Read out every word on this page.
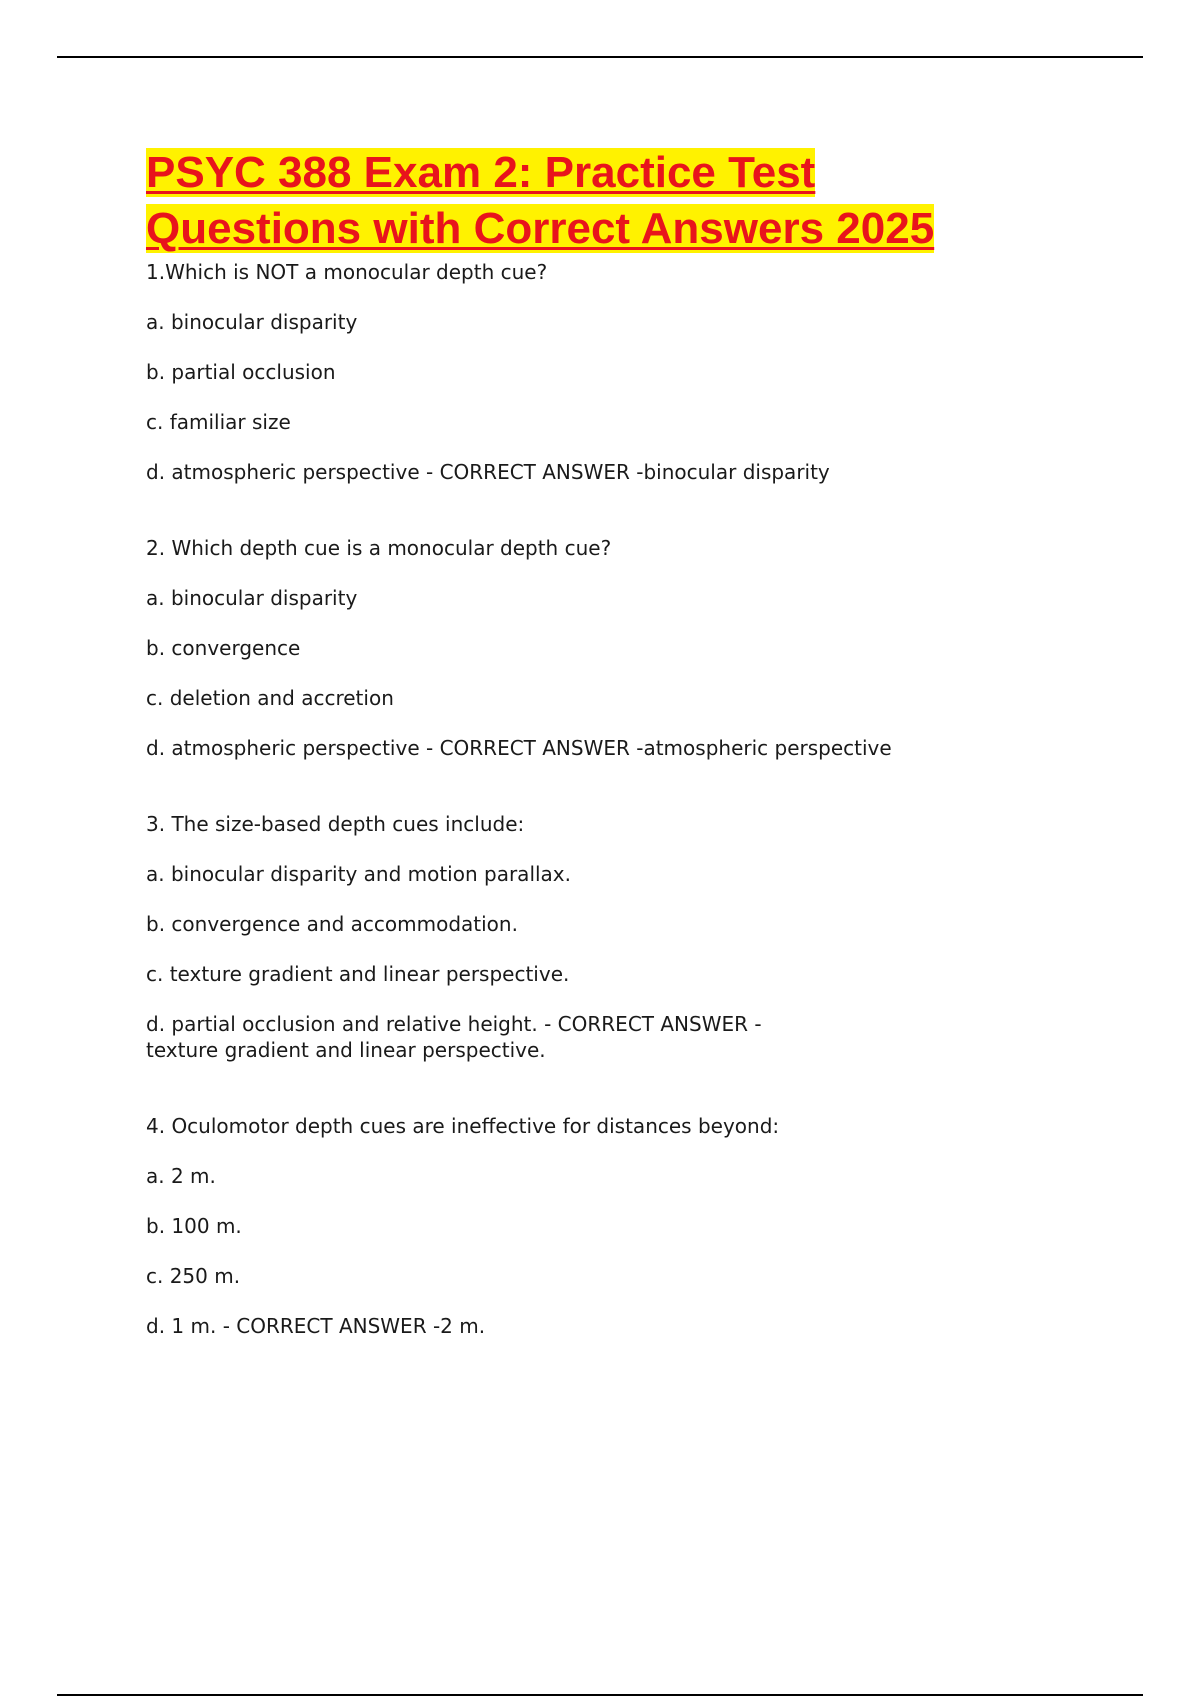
PSYC 388 Exam 2: Practice Test
Questions with Correct Answers 2025

1.Which is NOT a monocular depth cue?

a. binocular disparity

b. partial occlusion

c. familiar size

d. atmospheric perspective - CORRECT ANSWER -binocular disparity

2. Which depth cue is a monocular depth cue?

a. binocular disparity

b. convergence

c. deletion and accretion

d. atmospheric perspective - CORRECT ANSWER -atmospheric perspective

3. The size-based depth cues include:

a. binocular disparity and motion parallax.

b. convergence and accommodation.

c. texture gradient and linear perspective.

d. partial occlusion and relative height. - CORRECT ANSWER -
texture gradient and linear perspective.

4. Oculomotor depth cues are ineffective for distances beyond:

a. 2 m.

b. 100 m.

c. 250 m.

d. 1 m. - CORRECT ANSWER -2 m.
